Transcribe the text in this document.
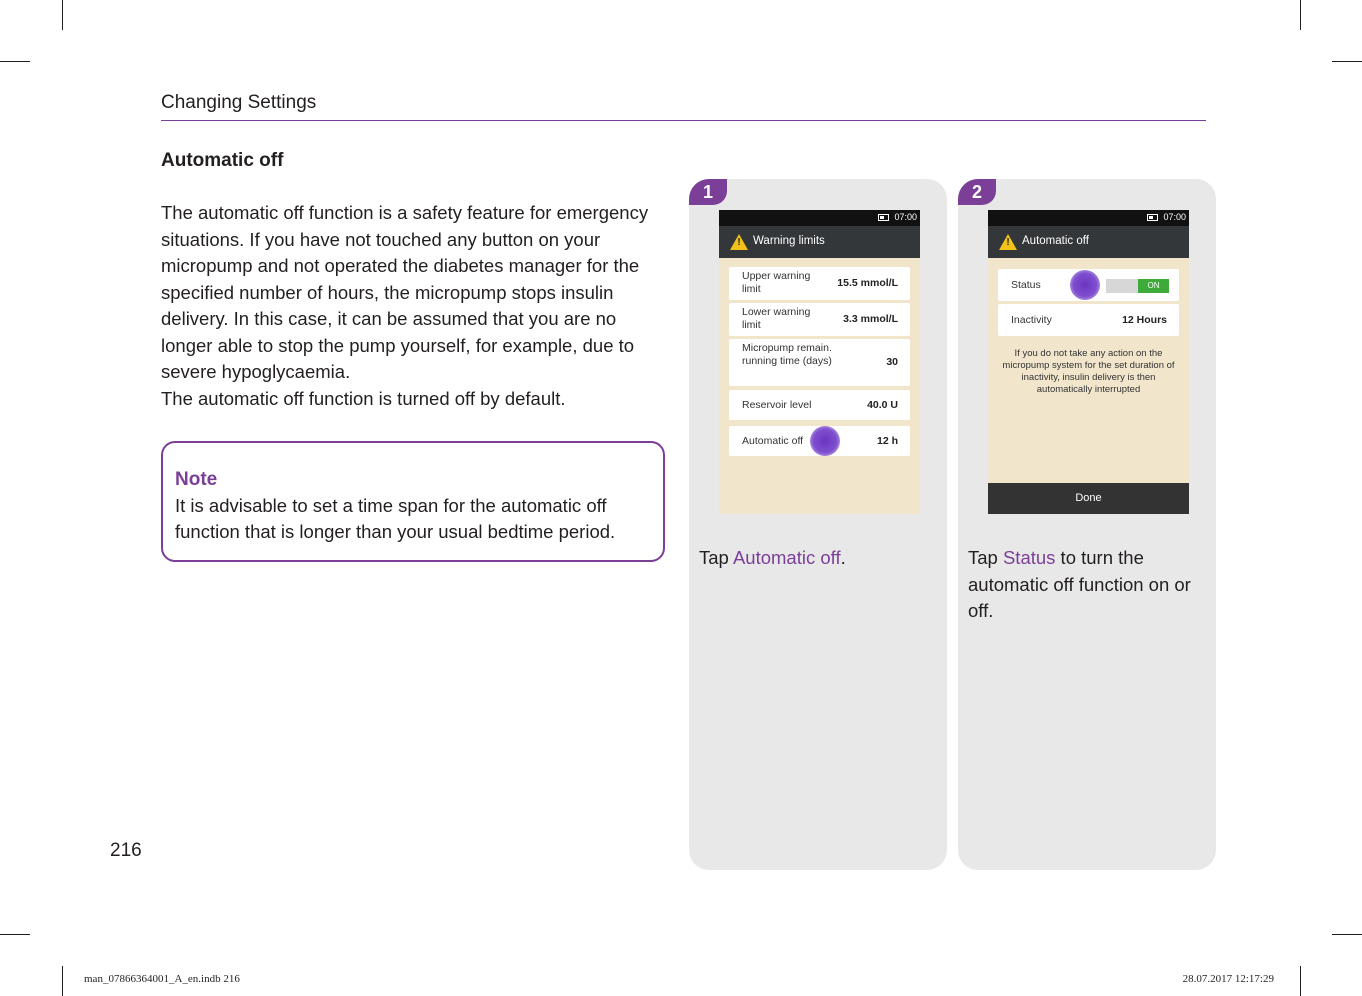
Changing Settings
Automatic off
The automatic off function is a safety feature for emergency situations. If you have not touched any button on your micropump and not operated the diabetes manager for the specified number of hours, the micropump stops insulin delivery. In this case, it can be assumed that you are no longer able to stop the pump yourself, for example, due to severe hypoglycaemia.
The automatic off function is turned off by default.
Note
It is advisable to set a time span for the automatic off function that is longer than your usual bedtime period.
216
1
07:00
! Warning limits
Upper warning limit	15.5 mmol/L
Lower warning limit	3.3 mmol/L
Micropump remain. running time (days)	30
Reservoir level	40.0 U
Automatic off	12 h
Tap Automatic off.
2
07:00
! Automatic off
Status	ON
Inactivity	12 Hours
If you do not take any action on the micropump system for the set duration of inactivity, insulin delivery is then automatically interrupted
Done
Tap Status to turn the automatic off function on or off.
man_07866364001_A_en.indb 216	28.07.2017 12:17:29
